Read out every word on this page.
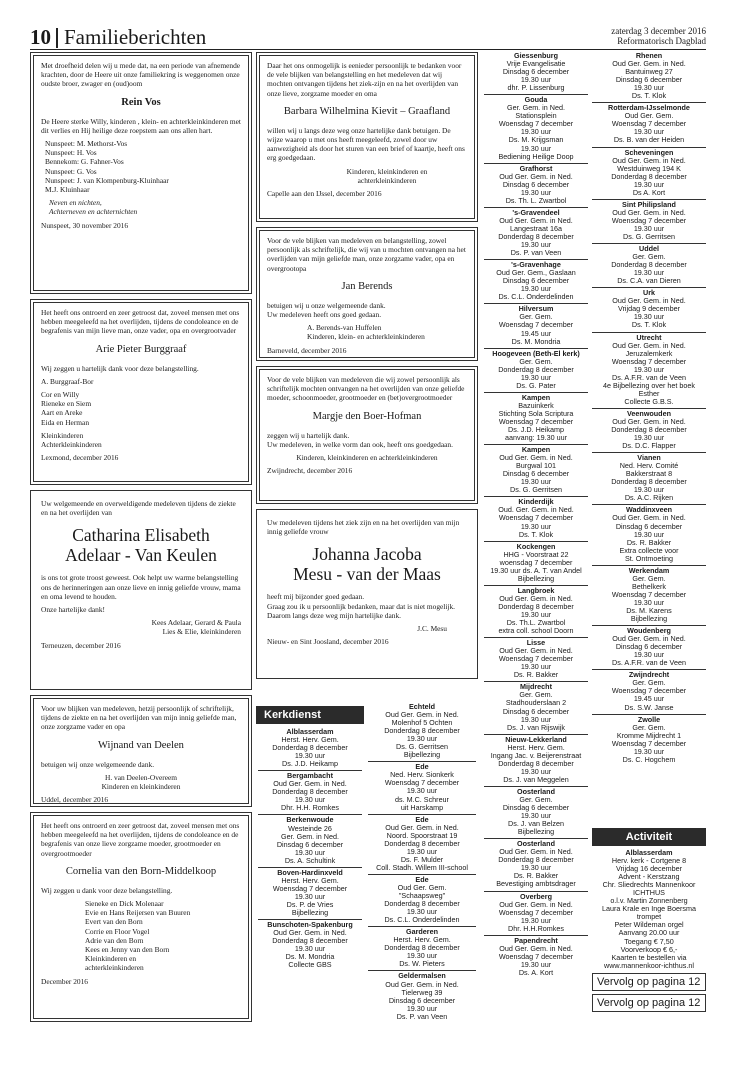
10 Familieberichten	zaterdag 3 december 2016
Reformatorisch Dagblad

Met droefheid delen wij u mede dat, na een periode van afnemende krachten, door de Heere uit onze familiekring is weggenomen onze oudste broer, zwager en (oud)oom

Rein Vos

De Heere sterke Willy, kinderen , klein- en achterkleinkinderen met dit verlies en Hij heilige deze roepstem aan ons allen hart.

Nunspeet: M. Methorst-Vos
Nunspeet: H. Vos
Bennekom: G. Fahner-Vos
Nunspeet: G. Vos
Nunspeet: J. van Klompenburg-Kluinhaar
M.J. Kluinhaar

Neven en nichten,
Achterneven en achternichten

Nunspeet, 30 november 2016

Het heeft ons ontroerd en zeer getroost dat, zoveel mensen met ons hebben meegeleefd na het overlijden, tijdens de condoleance en de begrafenis van mijn lieve man, onze vader, opa en overgrootvader

Arie Pieter Burggraaf

Wij zeggen u hartelijk dank voor deze belangstelling.

A. Burggraaf-Bor

Cor en Willy
Rieneke en Siem
Aart en Areke
Eida en Herman

Kleinkinderen
Achterkleinkinderen

Lexmond, december 2016

Uw welgemeende en overweldigende medeleven tijdens de ziekte en na het overlijden van

Catharina Elisabeth
Adelaar - Van Keulen

is ons tot grote troost geweest. Ook helpt uw warme belangstelling ons de herinneringen aan onze lieve en innig geliefde vrouw, mama en oma levend te houden.

Onze hartelijke dank!

Kees Adelaar, Gerard & Paula
Lies & Elie, kleinkinderen

Terneuzen, december 2016

Voor uw blijken van medeleven, hetzij persoonlijk of schriftelijk, tijdens de ziekte en na het overlijden van mijn innig geliefde man, onze zorgzame vader en opa

Wijnand van Deelen

betuigen wij onze welgemeende dank.

H. van Deelen-Overeem
Kinderen en kleinkinderen

Uddel, december 2016

Het heeft ons ontroerd en zeer getroost dat, zoveel mensen met ons hebben meegeleefd na het overlijden, tijdens de condoleance en de begrafenis van onze lieve zorgzame moeder, grootmoeder en overgrootmoeder

Cornelia van den Born-Middelkoop

Wij zeggen u dank voor deze belangstelling.

Sieneke en Dick Molenaar
Evie en Hans Reijersen van Buuren
Evert van den Born
Corrie en Floor Vogel
Adrie van den Born
Kees en Jenny van den Born
Kleinkinderen en
achterkleinkinderen

December 2016

Daar het ons onmogelijk is eenieder persoonlijk te bedanken voor de vele blijken van belangstelling en het medeleven dat wij mochten ontvangen tijdens het ziek-zijn en na het overlijden van onze lieve, zorgzame moeder en oma

Barbara Wilhelmina Kievit – Graafland

willen wij u langs deze weg onze hartelijke dank betuigen. De wijze waarop u met ons heeft meegeleefd, zowel door uw aanwezigheid als door het sturen van een brief of kaartje, heeft ons erg goedgedaan.

Kinderen, kleinkinderen en
achterkleinkinderen

Capelle aan den IJssel, december 2016

Voor de vele blijken van medeleven en belangstelling, zowel persoonlijk als schriftelijk, die wij van u mochten ontvangen na het overlijden van mijn geliefde man, onze zorgzame vader, opa en overgrootopa

Jan Berends

betuigen wij u onze welgemeende dank.
Uw medeleven heeft ons goed gedaan.

A. Berends-van Huffelen
Kinderen, klein- en achterkleinkinderen

Barneveld, december 2016

Voor de vele blijken van medeleven die wij zowel persoonlijk als schriftelijk mochten ontvangen na het overlijden van onze geliefde moeder, schoonmoeder, grootmoeder en (bet)overgrootmoeder

Margje den Boer-Hofman

zeggen wij u hartelijk dank.
Uw medeleven, in welke vorm dan ook, heeft ons goedgedaan.

Kinderen, kleinkinderen en achterkleinkinderen

Zwijndrecht, december 2016

Uw medeleven tijdens het ziek zijn en na het overlijden van mijn innig geliefde vrouw

Johanna Jacoba
Mesu - van der Maas

heeft mij bijzonder goed gedaan.
Graag zou ik u persoonlijk bedanken, maar dat is niet mogelijk. Daarom langs deze weg mijn hartelijke dank.

J.C. Mesu

Nieuw- en Sint Joosland, december 2016

Kerkdienst
Alblasserdam
Herst. Herv. Gem.
Donderdag 8 december
19.30 uur
Ds. J.D. Heikamp
Bergambacht
Oud Ger. Gem. in Ned.
Donderdag 8 december
19.30 uur
Dhr. H.H. Romkes
Berkenwoude
Westeinde 26
Ger. Gem. in Ned.
Dinsdag 6 december
19.30 uur
Ds. A. Schultink
Boven-Hardinxveld
Herst. Herv. Gem.
Woensdag 7 december
19.30 uur
Ds. P. de Vries
Bijbellezing
Bunschoten-Spakenburg
Oud Ger. Gem. in Ned.
Donderdag 8 december
19.30 uur
Ds. M. Mondria
Collecte GBS
Echteld
Oud Ger. Gem. in Ned.
Molenhof 5 Ochten
Donderdag 8 december
19.30 uur
Ds. G. Gerritsen
Bijbellezing
Ede
Ned. Herv. Sionkerk
Woensdag 7 december
19.30 uur
ds. M.C. Schreur
uit Harskamp
Ede
Oud Ger. Gem. in Ned.
Noord. Spoorstraat 19
Donderdag 8 december
19.30 uur
Ds. F. Mulder
Coll. Stadh. Willem III-school
Ede
Oud Ger. Gem.
"Schaapsweg"
Donderdag 8 december
19.30 uur
Ds. C.L. Onderdelinden
Garderen
Herst. Herv. Gem.
Donderdag 8 december
19.30 uur
Ds. W. Pieters
Geldermalsen
Oud Ger. Gem. in Ned.
Tielerweg 39
Dinsdag 6 december
19.30 uur
Ds. P. van Veen
Giessenburg
Vrije Evangelisatie
Dinsdag 6 december
19.30 uur
dhr. P. Lissenburg
Gouda
Ger. Gem. in Ned.
Stationsplein
Woensdag 7 december
19.30 uur
Ds. M. Krijgsman
19.30 uur
Bediening Heilige Doop
Grafhorst
Oud Ger. Gem. in Ned.
Dinsdag 6 december
19.30 uur
Ds. Th. L. Zwartbol
's-Gravendeel
Oud Ger. Gem. in Ned.
Langestraat 16a
Donderdag 8 december
19.30 uur
Ds. P. van Veen
's-Gravenhage
Oud Ger. Gem., Gaslaan
Dinsdag 6 december
19.30 uur
Ds. C.L. Onderdelinden
Hilversum
Ger. Gem.
Woensdag 7 december
19.45 uur
Ds. M. Mondria
Hoogeveen (Beth-El kerk)
Ger. Gem.
Donderdag 8 december
19.30 uur
Ds. G. Pater
Kampen
Bazuinkerk
Stichting Sola Scriptura
Woensdag 7 december
Ds. J.D. Heikamp
aanvang: 19.30 uur
Kampen
Oud Ger. Gem. in Ned.
Burgwal 101
Dinsdag 6 december
19.30 uur
Ds. G. Gerritsen
Kinderdijk
Oud. Ger. Gem. in Ned.
Woensdag 7 december
19.30 uur
Ds. T. Klok
Kockengen
HHG - Voorstraat 22
woensdag 7 december
19.30 uur ds. A. T. van Andel
Bijbellezing
Langbroek
Oud Ger. Gem. in Ned.
Donderdag 8 december
19.30 uur
Ds. Th.L. Zwartbol
extra coll. school Doorn
Lisse
Oud Ger. Gem. in Ned.
Woensdag 7 december
19.30 uur
Ds. R. Bakker
Mijdrecht
Ger. Gem.
Stadhouderslaan 2
Dinsdag 6 december
19.30 uur
Ds. J. van Rijswijk
Nieuw-Lekkerland
Herst. Herv. Gem.
Ingang Jac. v. Beijerenstraat
Donderdag 8 december
19.30 uur
Ds. J. van Meggelen
Oosterland
Ger. Gem.
Dinsdag 6 december
19.30 uur
Ds. J. van Belzen
Bijbellezing
Oosterland
Oud Ger. Gem. in Ned.
Donderdag 8 december
19.30 uur
Ds. R. Bakker
Bevestiging ambtsdrager
Overberg
Oud Ger. Gem. in Ned.
Woensdag 7 december
19.30 uur
Dhr. H.H.Romkes
Papendrecht
Oud Ger. Gem. in Ned.
Woensdag 7 december
19.30 uur
Ds. A. Kort
Rhenen
Oud Ger. Gem. in Ned.
Bantuinweg 27
Dinsdag 6 december
19.30 uur
Ds. T. Klok
Rotterdam-IJsselmonde
Oud Ger. Gem.
Woensdag 7 december
19.30 uur
Ds. B. van der Heiden
Scheveningen
Oud Ger. Gem. in Ned.
Westduinweg 194 K
Donderdag 8 december
19.30 uur
Ds A. Kort
Sint Philipsland
Oud Ger. Gem. in Ned.
Woensdag 7 december
19.30 uur
Ds. G. Gerritsen
Uddel
Ger. Gem.
Donderdag 8 december
19.30 uur
Ds. C.A. van Dieren
Urk
Oud Ger. Gem. in Ned.
Vrijdag 9 december
19.30 uur
Ds. T. Klok
Utrecht
Oud Ger. Gem. in Ned.
Jeruzalemkerk
Woensdag 7 december
19.30 uur
Ds. A.F.R. van de Veen
4e Bijbellezing over het boek
Esther
Collecte G.B.S.
Veenwouden
Oud Ger. Gem. in Ned.
Donderdag 8 december
19.30 uur
Ds. D.C. Flapper
Vianen
Ned. Herv. Comité
Bakkerstraat 8
Donderdag 8 december
19.30 uur
Ds. A.C. Rijken
Waddinxveen
Oud Ger. Gem. in Ned.
Dinsdag 6 december
19.30 uur
Ds. R. Bakker
Extra collecte voor
St. Ontmoeting
Werkendam
Ger. Gem.
Bethelkerk
Woensdag 7 december
19.30 uur
Ds. M. Karens
Bijbellezing
Woudenberg
Oud Ger. Gem. in Ned.
Dinsdag 6 december
19.30 uur
Ds. A.F.R. van de Veen
Zwijndrecht
Ger. Gem.
Woensdag 7 december
19.45 uur
Ds. S.W. Janse
Zwolle
Ger. Gem.
Kromme Mijdrecht 1
Woensdag 7 december
19.30 uur
Ds. C. Hogchem
Activiteit
Alblasserdam
Herv. kerk - Cortgene 8
Vrijdag 16 december
Advent - Kerstzang
Chr. Sliedrechts Mannenkoor
ICHTHUS
o.l.v. Martin Zonnenberg
Laura Krale en Inge Boersma
trompet
Peter Wildeman orgel
Aanvang 20.00 uur
Toegang € 7,50
Voorverkoop € 6,-
Kaarten te bestellen via
www.mannenkoor-ichthus.nl
Vervolg op pagina 12
Vervolg op pagina 12
